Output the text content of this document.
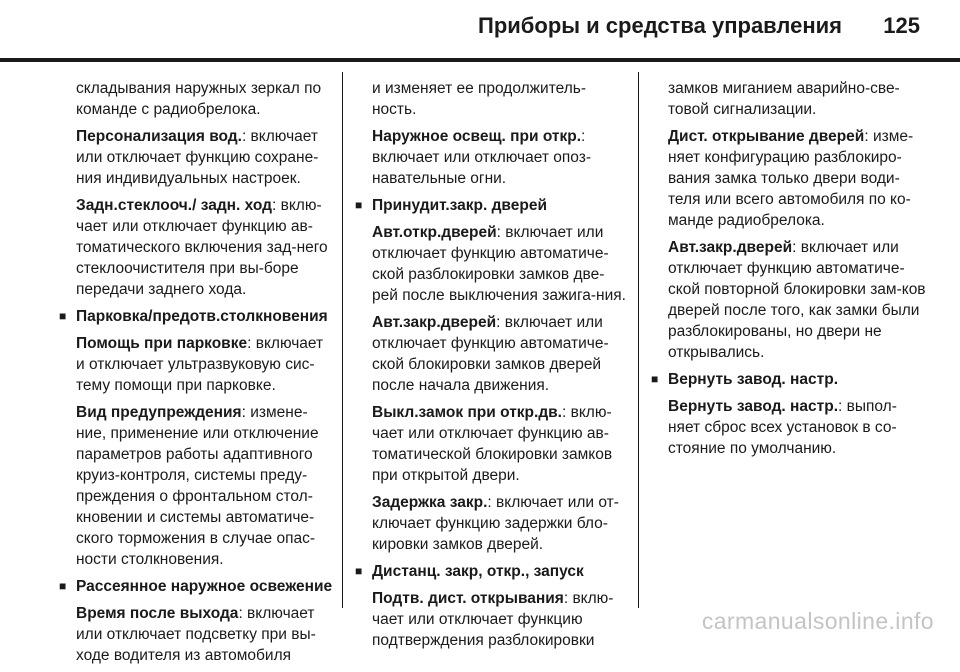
Приборы и средства управления 125

складывания наружных зеркал по команде с радиобрелока.

Персонализация вод.: включает или отключает функцию сохране-ния индивидуальных настроек.

Задн.стеклооч./ задн. ход: вклю-чает или отключает функцию ав-томатического включения зад-него стеклоочистителя при вы-боре передачи заднего хода.

■ Парковка/предотв.столкновения

Помощь при парковке: включает и отключает ультразвуковую сис-тему помощи при парковке.

Вид предупреждения: измене-ние, применение или отключение параметров работы адаптивного круиз-контроля, системы преду-преждения о фронтальном стол-кновении и системы автоматиче-ского торможения в случае опас-ности столкновения.

■ Рассеянное наружное освежение

Время после выхода: включает или отключает подсветку при вы-ходе водителя из автомобиля

и изменяет ее продолжитель-ность.

Наружное освещ. при откр.: включает или отключает опоз-навательные огни.

■ Принудит.закр. дверей

Авт.откр.дверей: включает или отключает функцию автоматиче-ской разблокировки замков две-рей после выключения зажига-ния.

Авт.закр.дверей: включает или отключает функцию автоматиче-ской блокировки замков дверей после начала движения.

Выкл.замок при откр.дв.: вклю-чает или отключает функцию ав-томатической блокировки замков при открытой двери.

Задержка закр.: включает или от-ключает функцию задержки бло-кировки замков дверей.

■ Дистанц. закр, откр., запуск

Подтв. дист. открывания: вклю-чает или отключает функцию подтверждения разблокировки

замков миганием аварийно-све-товой сигнализации.

Дист. открывание дверей: изме-няет конфигурацию разблокиро-вания замка только двери води-теля или всего автомобиля по ко-манде радиобрелока.

Авт.закр.дверей: включает или отключает функцию автоматиче-ской повторной блокировки зам-ков дверей после того, как замки были разблокированы, но двери не открывались.

■ Вернуть завод. настр.

Вернуть завод. настр.: выпол-няет сброс всех установок в со-стояние по умолчанию.

carmanualsonline.info
